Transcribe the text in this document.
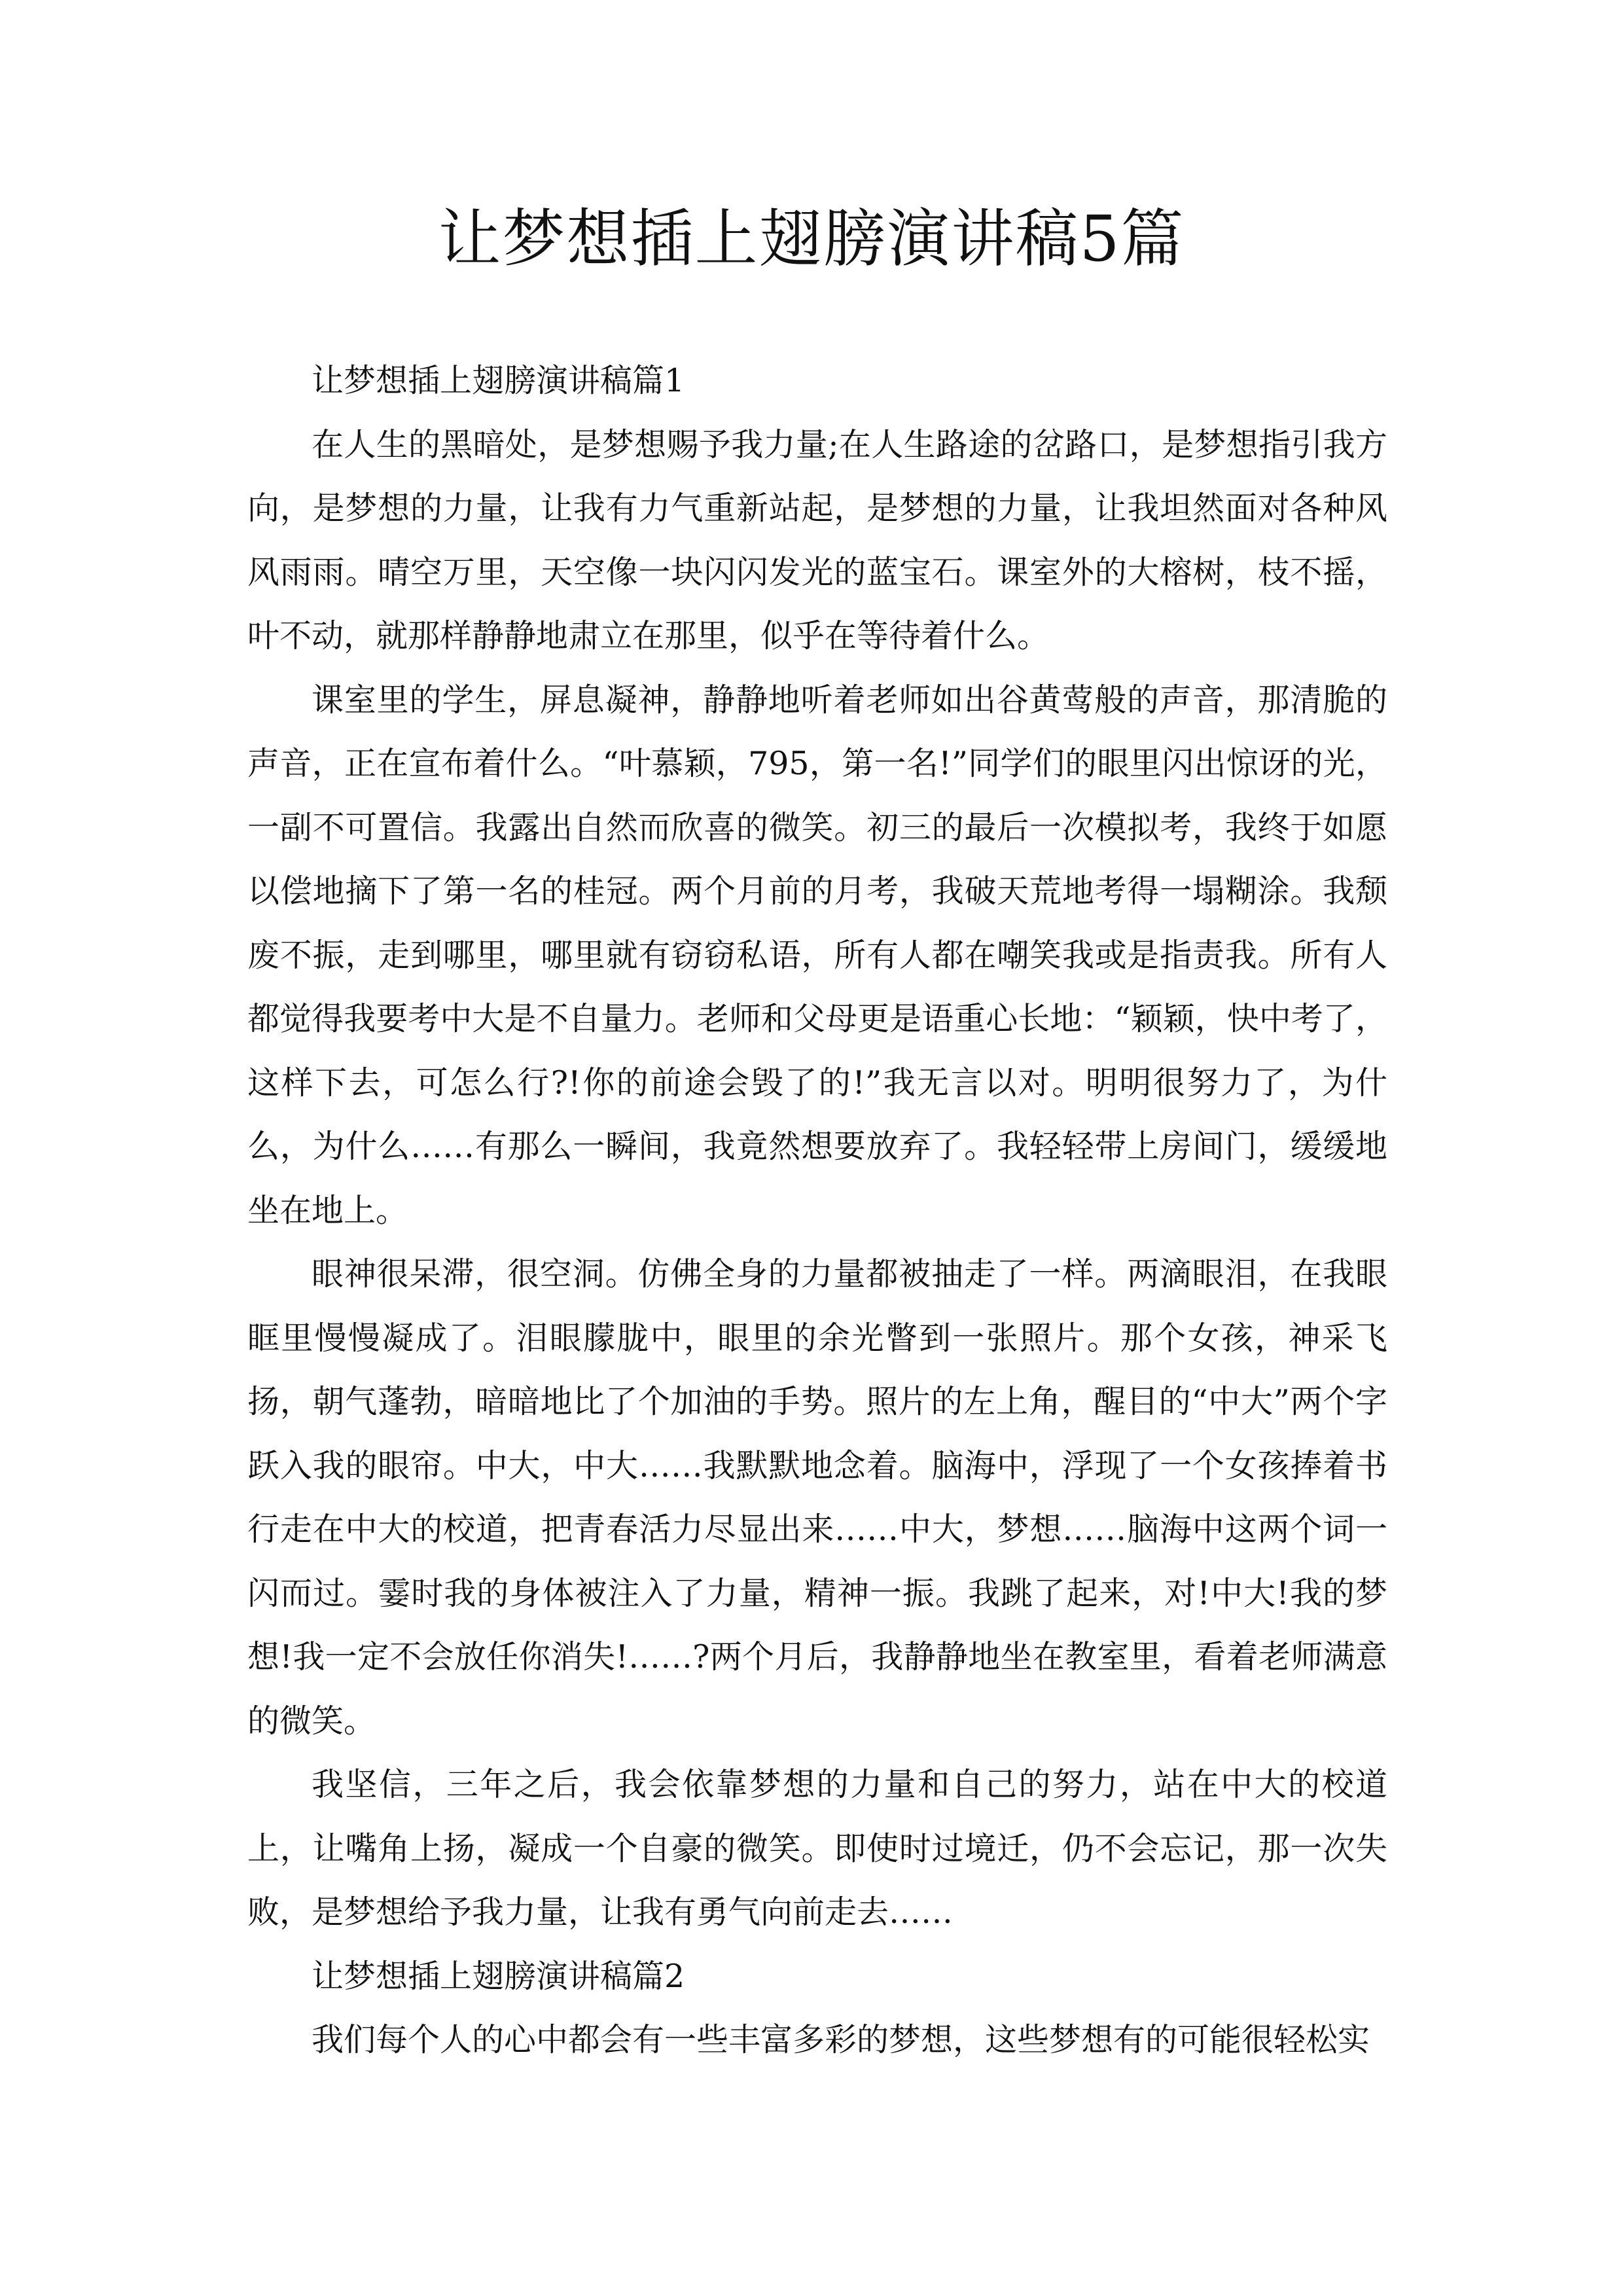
让梦想插上翅膀演讲稿5篇

让梦想插上翅膀演讲稿篇1

在人生的黑暗处，是梦想赐予我力量;在人生路途的岔路口，是梦想指引我方向，是梦想的力量，让我有力气重新站起，是梦想的力量，让我坦然面对各种风风雨雨。晴空万里，天空像一块闪闪发光的蓝宝石。课室外的大榕树，枝不摇，叶不动，就那样静静地肃立在那里，似乎在等待着什么。

课室里的学生，屏息凝神，静静地听着老师如出谷黄莺般的声音，那清脆的声音，正在宣布着什么。“叶慕颖，795，第一名!”同学们的眼里闪出惊讶的光，一副不可置信。我露出自然而欣喜的微笑。初三的最后一次模拟考，我终于如愿以偿地摘下了第一名的桂冠。两个月前的月考，我破天荒地考得一塌糊涂。我颓废不振，走到哪里，哪里就有窃窃私语，所有人都在嘲笑我或是指责我。所有人都觉得我要考中大是不自量力。老师和父母更是语重心长地：“颖颖，快中考了，这样下去，可怎么行?!你的前途会毁了的!”我无言以对。明明很努力了，为什么，为什么……有那么一瞬间，我竟然想要放弃了。我轻轻带上房间门，缓缓地坐在地上。

眼神很呆滞，很空洞。仿佛全身的力量都被抽走了一样。两滴眼泪，在我眼眶里慢慢凝成了。泪眼朦胧中，眼里的余光瞥到一张照片。那个女孩，神采飞扬，朝气蓬勃，暗暗地比了个加油的手势。照片的左上角，醒目的“中大”两个字跃入我的眼帘。中大，中大……我默默地念着。脑海中，浮现了一个女孩捧着书行走在中大的校道，把青春活力尽显出来……中大，梦想……脑海中这两个词一闪而过。霎时我的身体被注入了力量，精神一振。我跳了起来，对!中大!我的梦想!我一定不会放任你消失!……?两个月后，我静静地坐在教室里，看着老师满意的微笑。

我坚信，三年之后，我会依靠梦想的力量和自己的努力，站在中大的校道上，让嘴角上扬，凝成一个自豪的微笑。即使时过境迁，仍不会忘记，那一次失败，是梦想给予我力量，让我有勇气向前走去……

让梦想插上翅膀演讲稿篇2

我们每个人的心中都会有一些丰富多彩的梦想，这些梦想有的可能很轻松实
